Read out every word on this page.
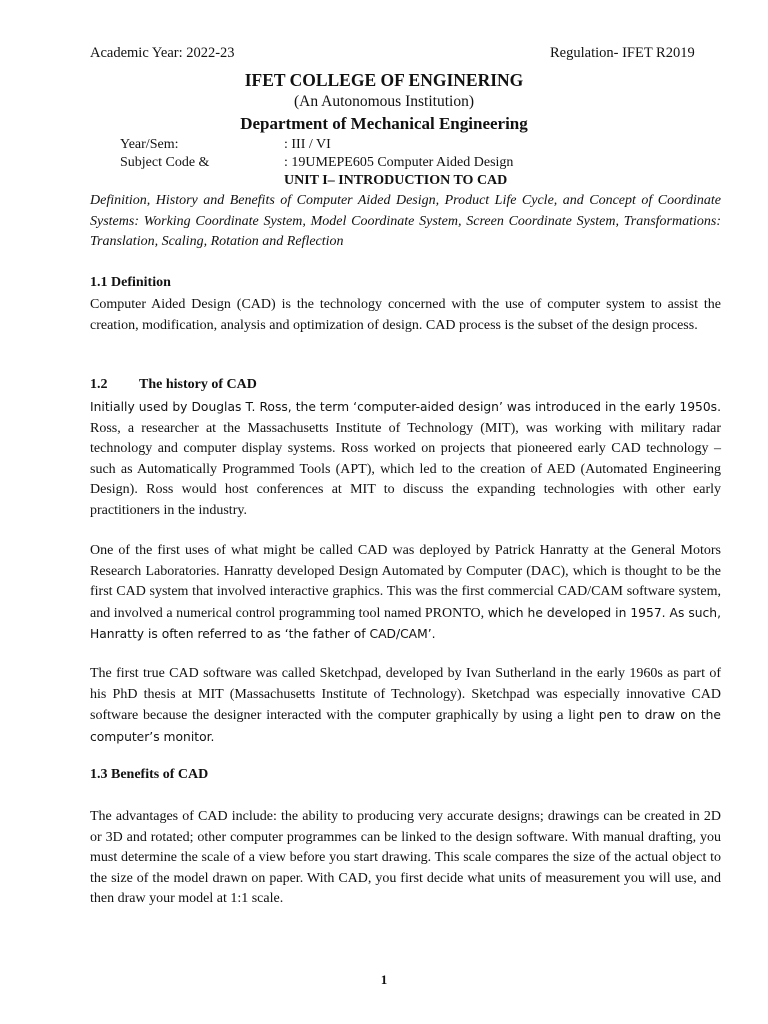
Academic Year: 2022-23	Regulation- IFET R2019
IFET COLLEGE OF ENGINERING
(An Autonomous Institution)
Department of Mechanical Engineering
Year/Sem:	: III / VI
Subject Code &	: 19UMEPE605 Computer Aided Design
UNIT I– INTRODUCTION TO CAD
Definition, History and Benefits of Computer Aided Design, Product Life Cycle, and Concept of Coordinate Systems: Working Coordinate System, Model Coordinate System, Screen Coordinate System, Transformations: Translation, Scaling, Rotation and Reflection
1.1 Definition
Computer Aided Design (CAD) is the technology concerned with the use of computer system to assist the creation, modification, analysis and optimization of design. CAD process is the subset of the design process.
1.2 The history of CAD
Initially used by Douglas T. Ross, the term ‘computer-aided design’ was introduced in the early 1950s. Ross, a researcher at the Massachusetts Institute of Technology (MIT), was working with military radar technology and computer display systems. Ross worked on projects that pioneered early CAD technology – such as Automatically Programmed Tools (APT), which led to the creation of AED (Automated Engineering Design). Ross would host conferences at MIT to discuss the expanding technologies with other early practitioners in the industry.
One of the first uses of what might be called CAD was deployed by Patrick Hanratty at the General Motors Research Laboratories. Hanratty developed Design Automated by Computer (DAC), which is thought to be the first CAD system that involved interactive graphics. This was the first commercial CAD/CAM software system, and involved a numerical control programming tool named PRONTO, which he developed in 1957. As such, Hanratty is often referred to as ‘the father of CAD/CAM’.
The first true CAD software was called Sketchpad, developed by Ivan Sutherland in the early 1960s as part of his PhD thesis at MIT (Massachusetts Institute of Technology). Sketchpad was especially innovative CAD software because the designer interacted with the computer graphically by using a light pen to draw on the computer’s monitor.
1.3 Benefits of CAD
The advantages of CAD include: the ability to producing very accurate designs; drawings can be created in 2D or 3D and rotated; other computer programmes can be linked to the design software. With manual drafting, you must determine the scale of a view before you start drawing. This scale compares the size of the actual object to the size of the model drawn on paper. With CAD, you first decide what units of measurement you will use, and then draw your model at 1:1 scale.
1
